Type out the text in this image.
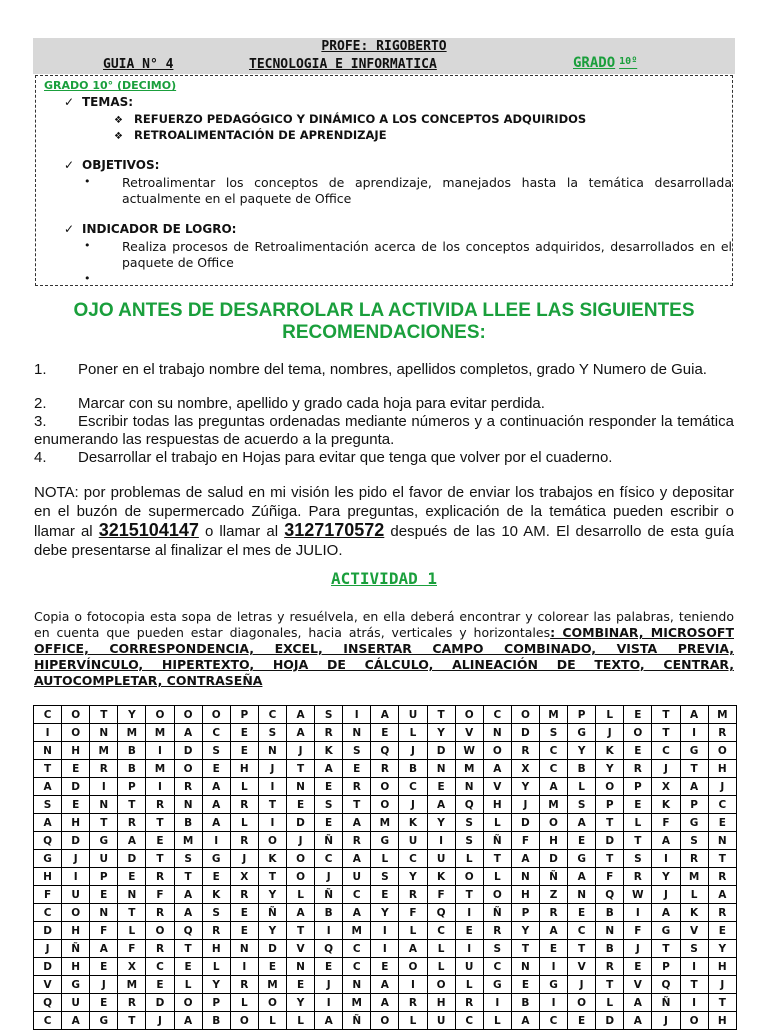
PROFE: RIGOBERTO
GUIA N° 4	TECNOLOGIA E INFORMATICA	GRADO $^{10º}$
GRADO 10° (DECIMO)
✓ TEMAS:
❖ REFUERZO PEDAGÓGICO Y DINÁMICO A LOS CONCEPTOS ADQUIRIDOS
❖ RETROALIMENTACIÓN DE APRENDIZAJE
✓ OBJETIVOS:
•	Retroalimentar los conceptos de aprendizaje, manejados hasta la temática desarrollada actualmente en el paquete de Office
✓ INDICADOR DE LOGRO:
•	Realiza procesos de Retroalimentación acerca de los conceptos adquiridos, desarrollados en el paquete de Office
•
OJO ANTES DE DESARROLAR LA ACTIVIDA LLEE LAS SIGUIENTES RECOMENDACIONES:
1. Poner en el trabajo nombre del tema, nombres, apellidos completos, grado Y Numero de Guia.
2. Marcar con su nombre, apellido y grado cada hoja para evitar perdida.
3. Escribir todas las preguntas ordenadas mediante números y a continuación responder la temática enumerando las respuestas de acuerdo a la pregunta.
4. Desarrollar el trabajo en Hojas para evitar que tenga que volver por el cuaderno.
NOTA: por problemas de salud en mi visión les pido el favor de enviar los trabajos en físico y depositar en el buzón de supermercado Zúñiga. Para preguntas, explicación de la temática pueden escribir o llamar al 3215104147 o llamar al 3127170572 después de las 10 AM. El desarrollo de esta guía debe presentarse al finalizar el mes de JULIO.
ACTIVIDAD 1
Copia o fotocopia esta sopa de letras y resuélvela, en ella deberá encontrar y colorear las palabras, teniendo en cuenta que pueden estar diagonales, hacia atrás, verticales y horizontales: COMBINAR, MICROSOFT OFFICE, CORRESPONDENCIA, EXCEL, INSERTAR CAMPO COMBINADO, VISTA PREVIA, HIPERVÍNCULO, HIPERTEXTO, HOJA DE CÁLCULO, ALINEACIÓN DE TEXTO, CENTRAR, AUTOCOMPLETAR, CONTRASEÑA
C	O	T	Y	O	O	O	P	C	A	S	I	A	U	T	O	C	O	M	P	L	E	T	A	M
I	O	N	M	M	A	C	E	S	A	R	N	E	L	Y	V	N	D	S	G	J	O	T	I	R
N	H	M	B	I	D	S	E	N	J	K	S	Q	J	D	W	O	R	C	Y	K	E	C	G	O
T	E	R	B	M	O	E	H	J	T	A	E	R	B	N	M	A	X	C	B	Y	R	J	T	H
A	D	I	P	I	R	A	L	I	N	E	R	O	C	E	N	V	Y	A	L	O	P	X	A	J
S	E	N	T	R	N	A	R	T	E	S	T	O	J	A	Q	H	J	M	S	P	E	K	P	C
A	H	T	R	T	B	A	L	I	D	E	A	M	K	Y	S	L	D	O	A	T	L	F	G	E
Q	D	G	A	E	M	I	R	O	J	Ñ	R	G	U	I	S	Ñ	F	H	E	D	T	A	S	N
G	J	U	D	T	S	G	J	K	O	C	A	L	C	U	L	T	A	D	G	T	S	I	R	T
H	I	P	E	R	T	E	X	T	O	J	U	S	Y	K	O	L	N	Ñ	A	F	R	Y	M	R
F	U	E	N	F	A	K	R	Y	L	Ñ	C	E	R	F	T	O	H	Z	N	Q	W	J	L	A
C	O	N	T	R	A	S	E	Ñ	A	B	A	Y	F	Q	I	Ñ	P	R	E	B	I	A	K	R
D	H	F	L	O	Q	R	E	Y	T	I	M	I	L	C	E	R	Y	A	C	N	F	G	V	E
J	Ñ	A	F	R	T	H	N	D	V	Q	C	I	A	L	I	S	T	E	T	B	J	T	S	Y
D	H	E	X	C	E	L	I	E	N	E	C	E	O	L	U	C	N	I	V	R	E	P	I	H
V	G	J	M	E	L	Y	R	M	E	J	N	A	I	O	L	G	E	G	J	T	V	Q	T	J
Q	U	E	R	D	O	P	L	O	Y	I	M	A	R	H	R	I	B	I	O	L	A	Ñ	I	T
C	A	G	T	J	A	B	O	L	L	A	Ñ	O	L	U	C	L	A	C	E	D	A	J	O	H
